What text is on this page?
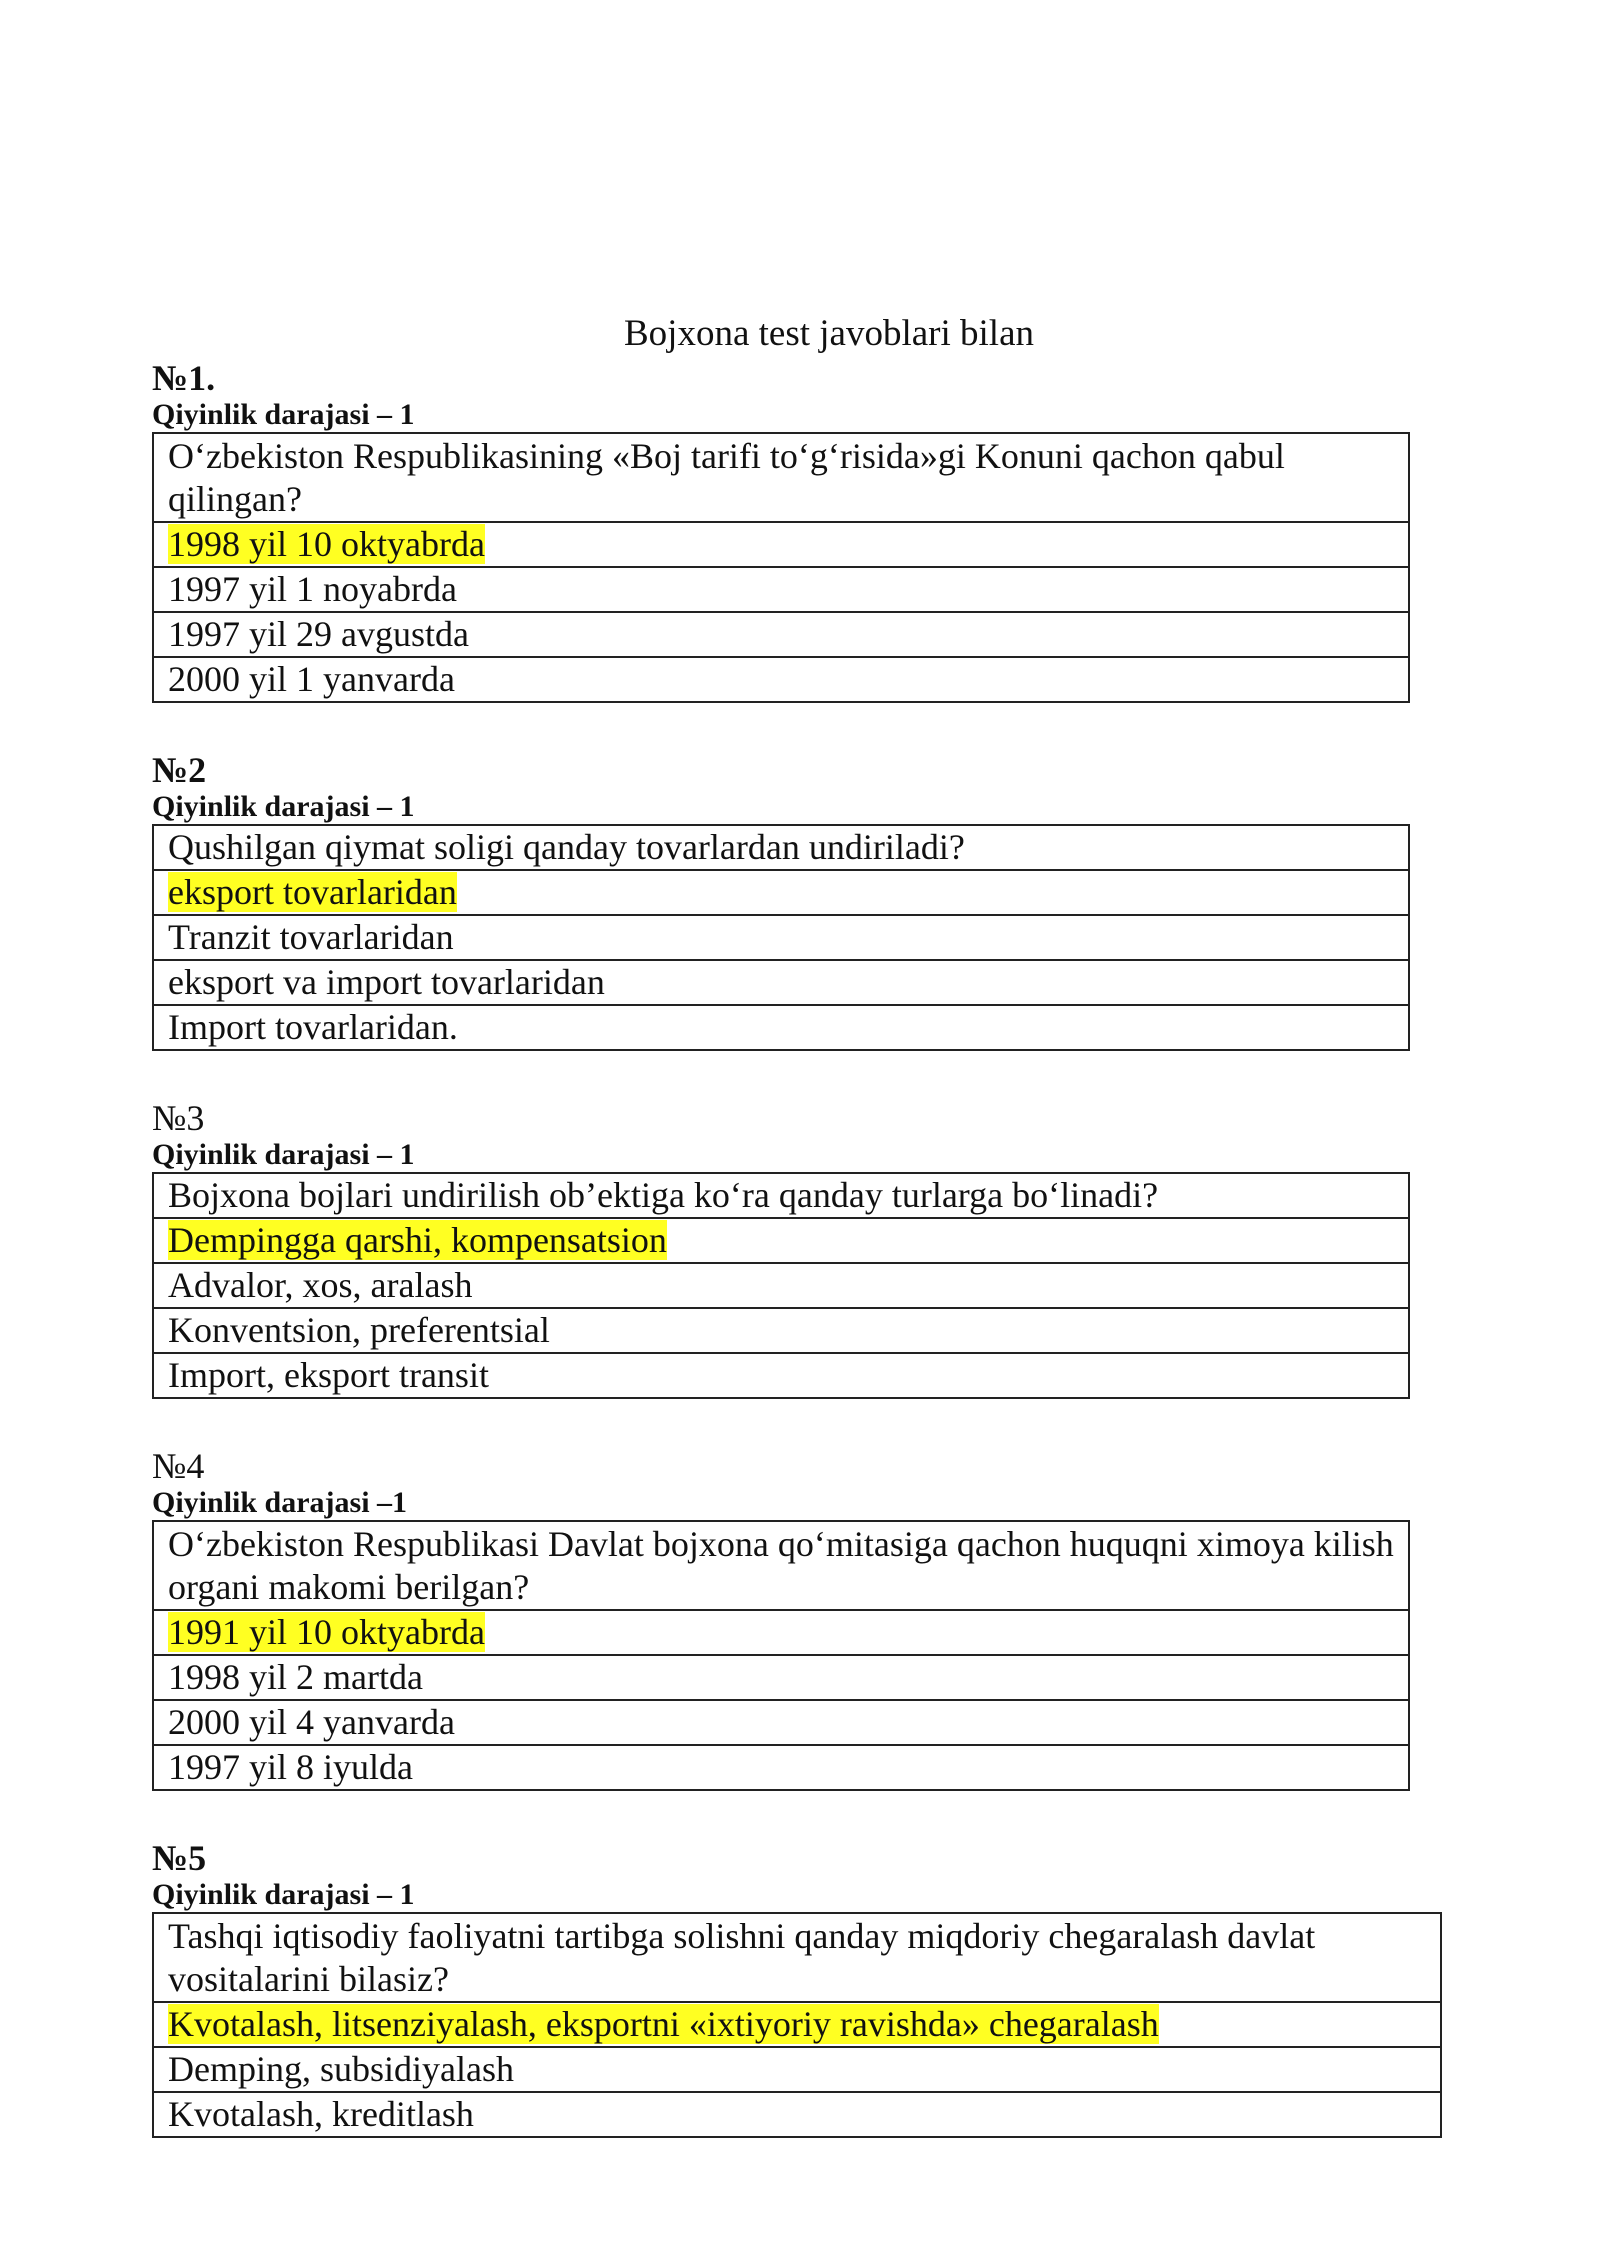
Bojxona test javoblari bilan
№1.
Qiyinlik darajasi – 1
O‘zbekiston Respublikasining «Boj tarifi to‘g‘risida»gi Konuni qachon qabul qilingan?
1998 yil 10 oktyabrda
1997 yil 1 noyabrda
1997 yil 29 avgustda
2000 yil 1 yanvarda
№2
Qiyinlik darajasi – 1
Qushilgan qiymat soligi qanday tovarlardan undiriladi?
eksport tovarlaridan
Tranzit tovarlaridan
eksport va import tovarlaridan
Import tovarlaridan.
№3
Qiyinlik darajasi – 1
Bojxona bojlari undirilish ob’ektiga ko‘ra qanday turlarga bo‘linadi?
Dempingga qarshi, kompensatsion
Advalor, xos, aralash
Konventsion, preferentsial
Import, eksport transit
№4
Qiyinlik darajasi –1
O‘zbekiston Respublikasi Davlat bojxona qo‘mitasiga qachon huquqni ximoya kilish organi makomi berilgan?
1991 yil 10 oktyabrda
1998 yil 2 martda
2000 yil 4 yanvarda
1997 yil 8 iyulda
№5
Qiyinlik darajasi – 1
Tashqi iqtisodiy faoliyatni tartibga solishni qanday miqdoriy chegaralash davlat vositalarini bilasiz?
Kvotalash, litsenziyalash, eksportni «ixtiyoriy ravishda» chegaralash
Demping, subsidiyalash
Kvotalash, kreditlash
